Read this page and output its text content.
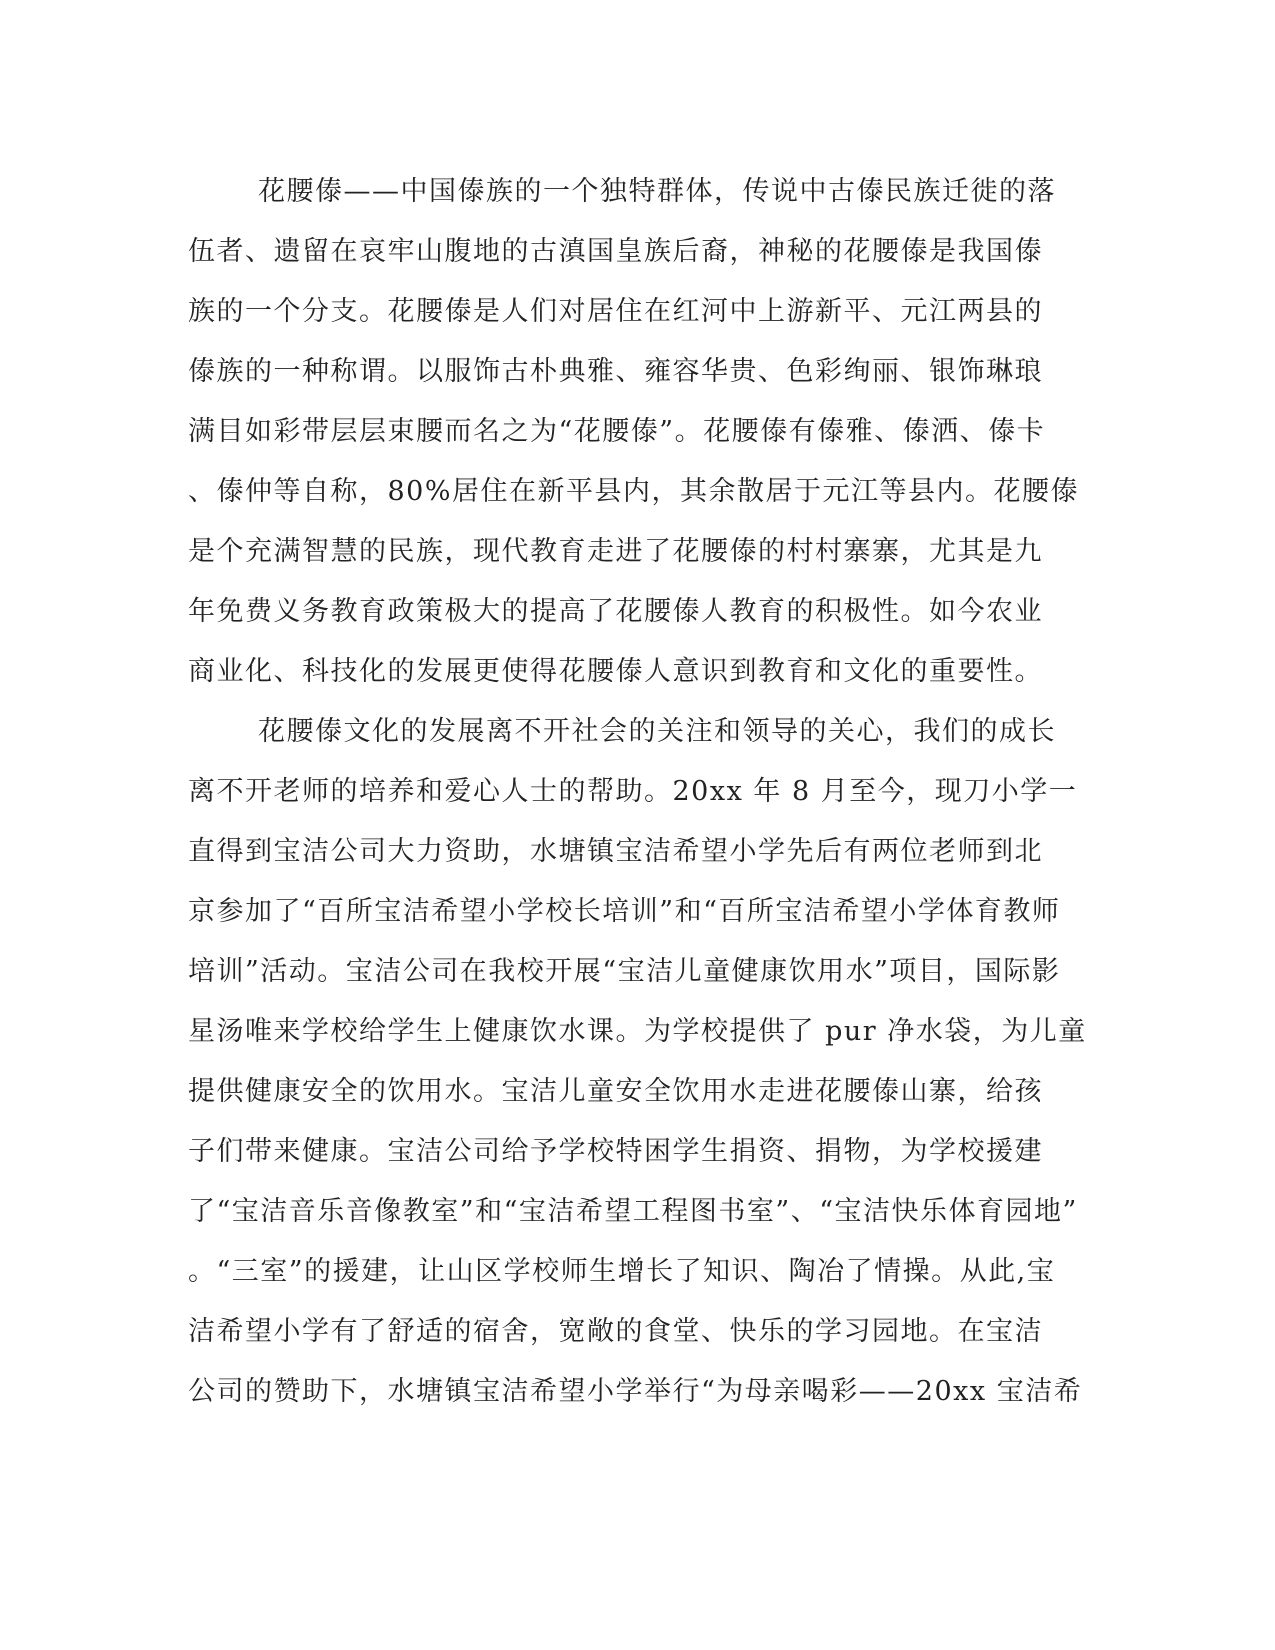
花腰傣——中国傣族的一个独特群体，传说中古傣民族迁徙的落
伍者、遗留在哀牢山腹地的古滇国皇族后裔，神秘的花腰傣是我国傣
族的一个分支。花腰傣是人们对居住在红河中上游新平、元江两县的
傣族的一种称谓。以服饰古朴典雅、雍容华贵、色彩绚丽、银饰琳琅
满目如彩带层层束腰而名之为“花腰傣”。花腰傣有傣雅、傣洒、傣卡
、傣仲等自称，80%居住在新平县内，其余散居于元江等县内。花腰傣
是个充满智慧的民族，现代教育走进了花腰傣的村村寨寨，尤其是九
年免费义务教育政策极大的提高了花腰傣人教育的积极性。如今农业
商业化、科技化的发展更使得花腰傣人意识到教育和文化的重要性。
花腰傣文化的发展离不开社会的关注和领导的关心，我们的成长
离不开老师的培养和爱心人士的帮助。20xx 年 8 月至今，现刀小学一
直得到宝洁公司大力资助，水塘镇宝洁希望小学先后有两位老师到北
京参加了“百所宝洁希望小学校长培训”和“百所宝洁希望小学体育教师
培训”活动。宝洁公司在我校开展“宝洁儿童健康饮用水”项目，国际影
星汤唯来学校给学生上健康饮水课。为学校提供了 pur 净水袋，为儿童
提供健康安全的饮用水。宝洁儿童安全饮用水走进花腰傣山寨，给孩
子们带来健康。宝洁公司给予学校特困学生捐资、捐物，为学校援建
了“宝洁音乐音像教室”和“宝洁希望工程图书室”、“宝洁快乐体育园地”
。“三室”的援建，让山区学校师生增长了知识、陶冶了情操。从此,宝
洁希望小学有了舒适的宿舍，宽敞的食堂、快乐的学习园地。在宝洁
公司的赞助下，水塘镇宝洁希望小学举行“为母亲喝彩——20xx 宝洁希
